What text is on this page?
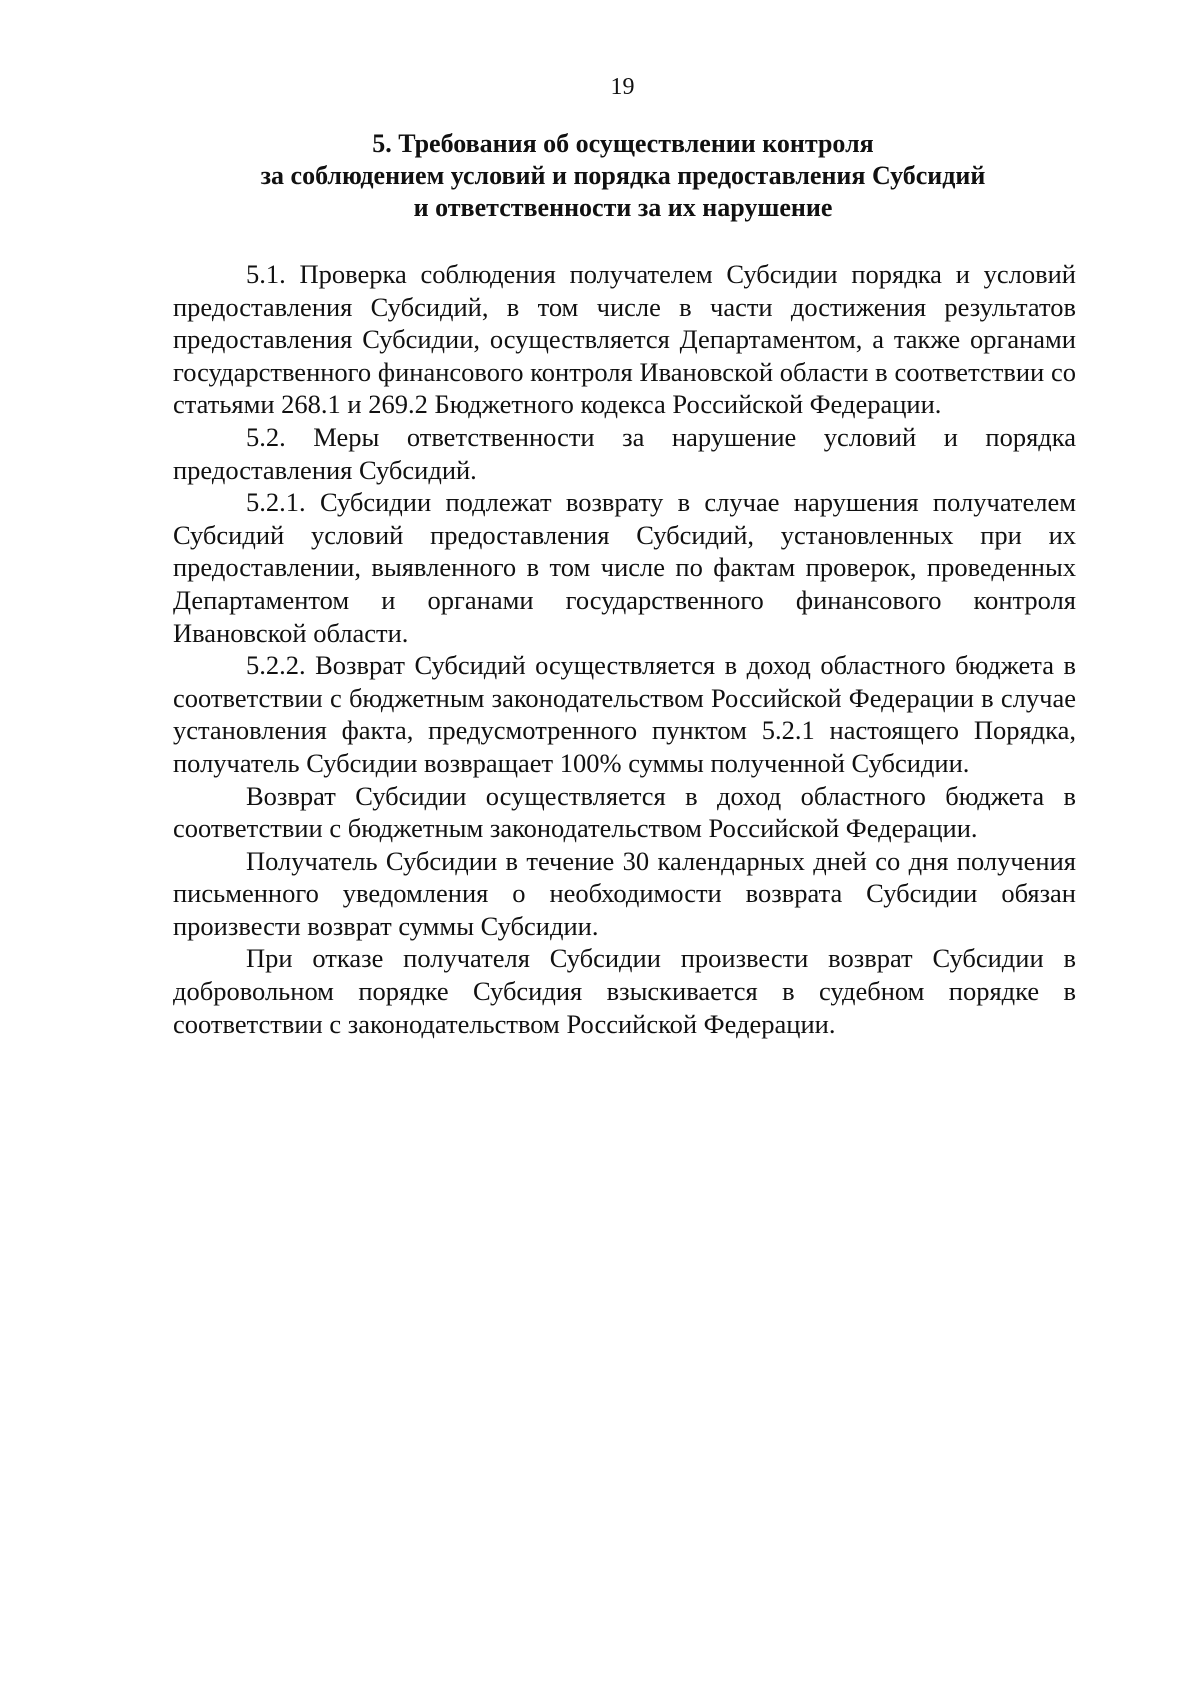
19
5. Требования об осуществлении контроля
за соблюдением условий и порядка предоставления Субсидий
и ответственности за их нарушение

5.1. Проверка соблюдения получателем Субсидии порядка и условий предоставления Субсидий, в том числе в части достижения результатов предоставления Субсидии, осуществляется Департаментом, а также органами государственного финансового контроля Ивановской области в соответствии со статьями 268.1 и 269.2 Бюджетного кодекса Российской Федерации.

5.2. Меры ответственности за нарушение условий и порядка предоставления Субсидий.

5.2.1. Субсидии подлежат возврату в случае нарушения получателем Субсидий условий предоставления Субсидий, установленных при их предоставлении, выявленного в том числе по фактам проверок, проведенных Департаментом и органами государственного финансового контроля Ивановской области.

5.2.2. Возврат Субсидий осуществляется в доход областного бюджета в соответствии с бюджетным законодательством Российской Федерации в случае установления факта, предусмотренного пунктом 5.2.1 настоящего Порядка, получатель Субсидии возвращает 100% суммы полученной Субсидии.

Возврат Субсидии осуществляется в доход областного бюджета в соответствии с бюджетным законодательством Российской Федерации.

Получатель Субсидии в течение 30 календарных дней со дня получения письменного уведомления о необходимости возврата Субсидии обязан произвести возврат суммы Субсидии.

При отказе получателя Субсидии произвести возврат Субсидии в добровольном порядке Субсидия взыскивается в судебном порядке в соответствии с законодательством Российской Федерации.
